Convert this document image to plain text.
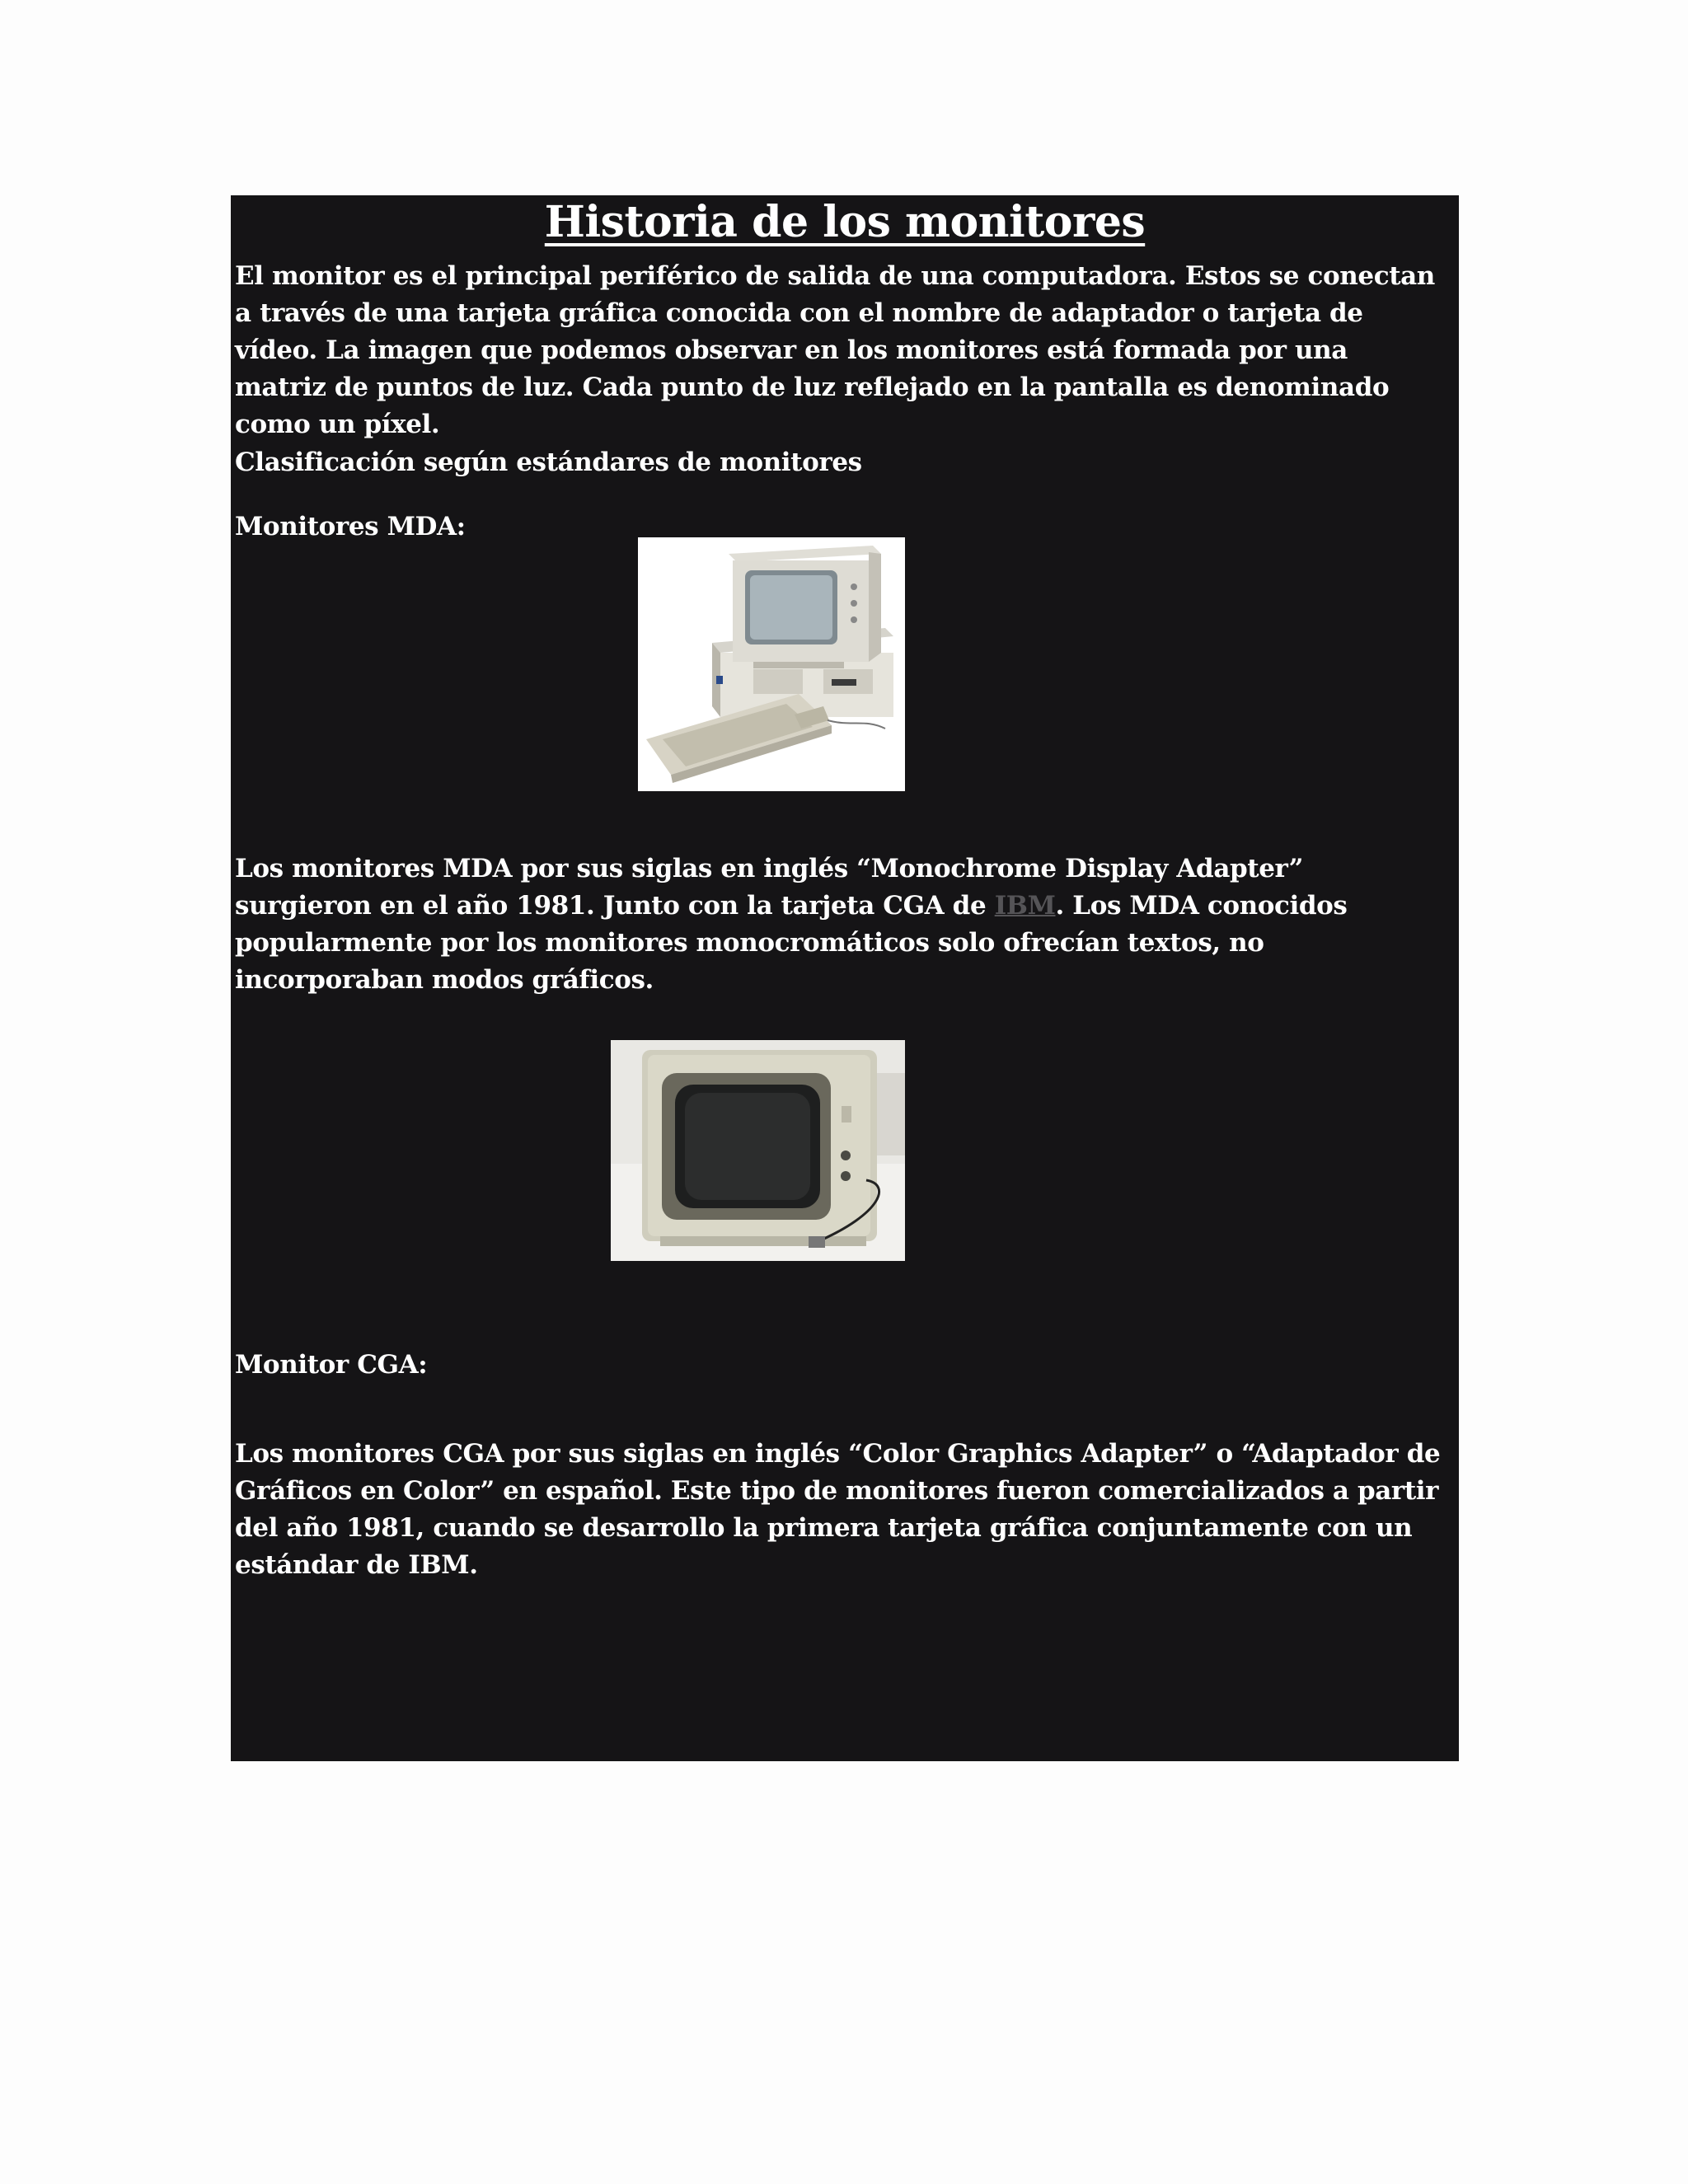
Historia de los monitores

El monitor es el principal periférico de salida de una computadora. Estos se conectan a través de una tarjeta gráfica conocida con el nombre de adaptador o tarjeta de vídeo. La imagen que podemos observar en los monitores está formada por una matriz de puntos de luz. Cada punto de luz reflejado en la pantalla es denominado como un píxel.

Clasificación según estándares de monitores

Monitores MDA:

Los monitores MDA por sus siglas en inglés “Monochrome Display Adapter” surgieron en el año 1981. Junto con la tarjeta CGA de IBM. Los MDA conocidos popularmente por los monitores monocromáticos solo ofrecían textos, no incorporaban modos gráficos.

Monitor CGA:

Los monitores CGA por sus siglas en inglés “Color Graphics Adapter” o “Adaptador de Gráficos en Color” en español. Este tipo de monitores fueron comercializados a partir del año 1981, cuando se desarrollo la primera tarjeta gráfica conjuntamente con un estándar de IBM.
